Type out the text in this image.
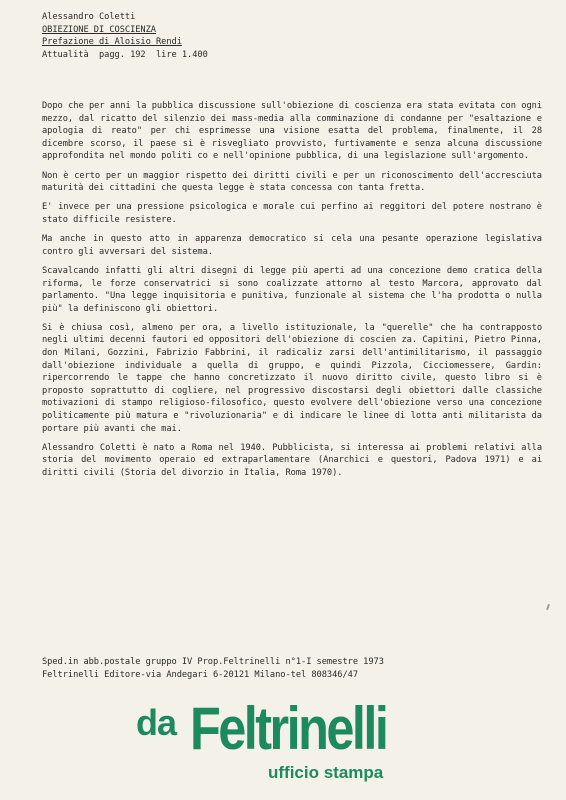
Alessandro Coletti
OBIEZIONE DI COSCIENZA
Prefazione di Aloisio Rendi
Attualità  pagg. 192  lire 1.400

Dopo che per anni la pubblica discussione sull'obiezione di coscienza era stata evitata con ogni mezzo, dal ricatto del silenzio dei mass-media alla comminazione di condanne per "esaltazione e apologia di reato" per chi esprimesse una visione esatta del problema, finalmente, il 28 dicembre scorso, il paese si è risvegliato provvisto, furtivamente e senza alcuna discussione approfondita nel mondo politi co e nell'opinione pubblica, di una legislazione sull'argomento.

Non è certo per un maggior rispetto dei diritti civili e per un riconoscimento dell'accresciuta maturità dei cittadini che questa legge è stata concessa con tanta fretta.

E' invece per una pressione psicologica e morale cui perfino ai reggitori del potere nostrano è stato difficile resistere.

Ma anche in questo atto in apparenza democratico si cela una pesante operazione legislativa contro gli avversari del sistema.

Scavalcando infatti gli altri disegni di legge più aperti ad una concezione demo cratica della riforma, le forze conservatrici si sono coalizzate attorno al testo Marcora, approvato dal parlamento. "Una legge inquisitoria e punitiva, funzionale al sistema che l'ha prodotta o nulla più" la definiscono gli obiettori.

Si è chiusa così, almeno per ora, a livello istituzionale, la "querelle" che ha contrapposto negli ultimi decenni fautori ed oppositori dell'obiezione di coscien za. Capitini, Pietro Pinna, don Milani, Gozzini, Fabrizio Fabbrini, il radicaliz zarsi dell'antimilitarismo, il passaggio dall'obiezione individuale a quella di gruppo, e quindi Pizzola, Cicciomessere, Gardin: ripercorrendo le tappe che hanno concretizzato il nuovo diritto civile, questo libro si è proposto soprattutto di cogliere, nel progressivo discostarsi degli obiettori dalle classiche motivazioni di stampo religioso-filosofico, questo evolvere dell'obiezione verso una concezione politicamente più matura e "rivoluzionaria" e di indicare le linee di lotta anti militarista da portare più avanti che mai.

Alessandro Coletti è nato a Roma nel 1940. Pubblicista, si interessa ai problemi relativi alla storia del movimento operaio ed extraparlamentare (Anarchici e questori, Padova 1971) e ai diritti civili (Storia del divorzio in Italia, Roma 1970).

Sped.in abb.postale gruppo IV Prop.Feltrinelli n°1-I semestre 1973
Feltrinelli Editore-via Andegari 6-20121 Milano-tel 808346/47
da Feltrinelli
ufficio stampa
